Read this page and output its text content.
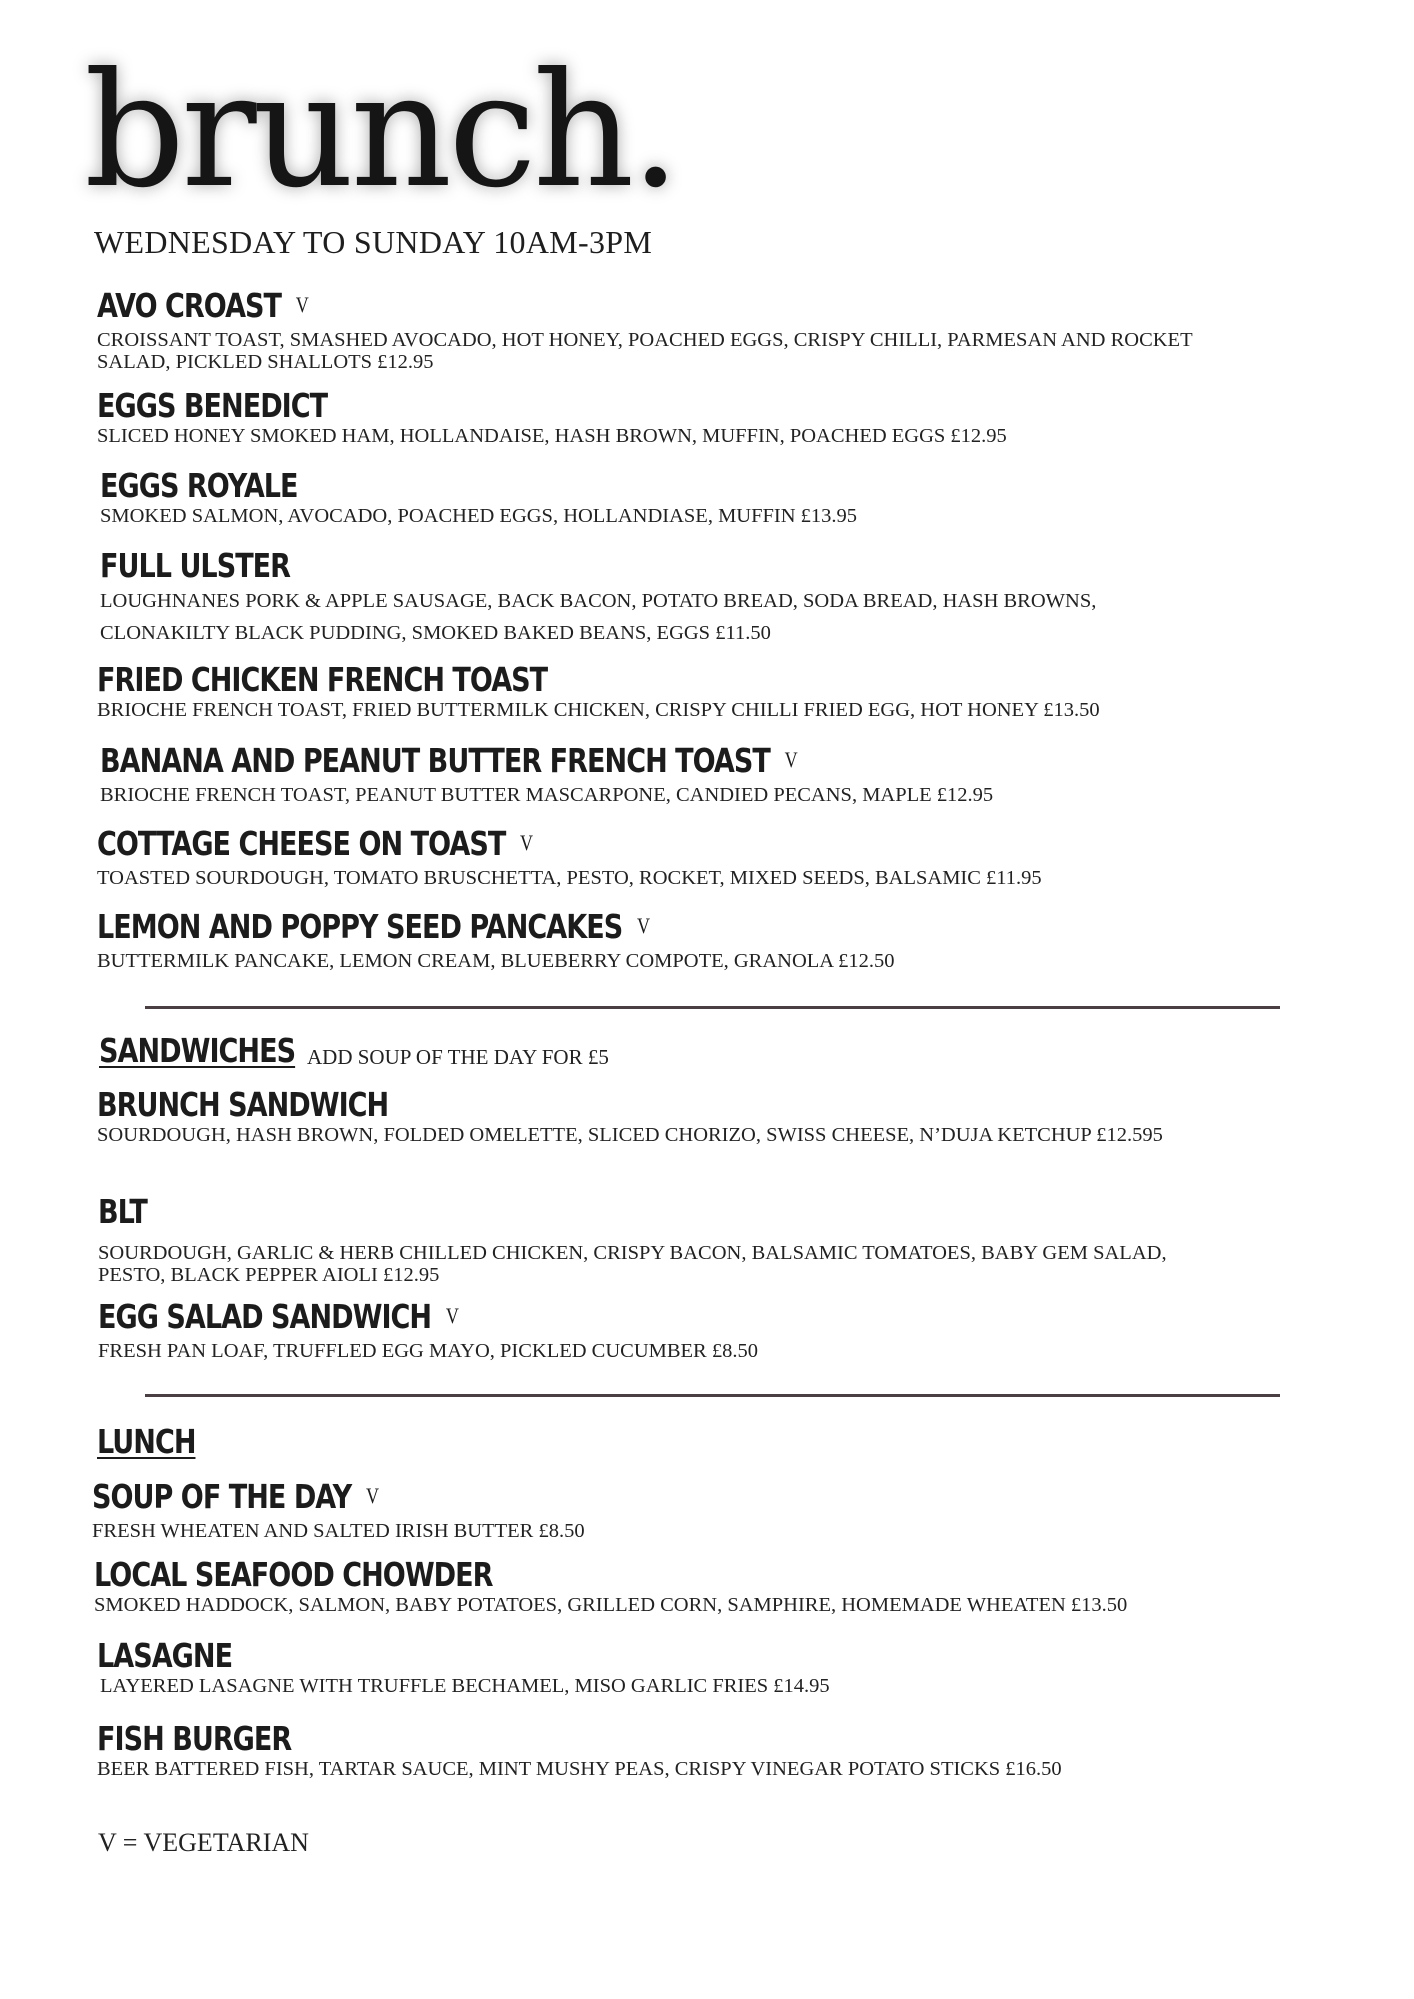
brunch.
WEDNESDAY TO SUNDAY 10AM-3PM
AVO CROAST V
CROISSANT TOAST, SMASHED AVOCADO, HOT HONEY, POACHED EGGS, CRISPY CHILLI, PARMESAN AND ROCKET SALAD, PICKLED SHALLOTS £12.95
EGGS BENEDICT
SLICED HONEY SMOKED HAM, HOLLANDAISE, HASH BROWN, MUFFIN, POACHED EGGS £12.95
EGGS ROYALE
SMOKED SALMON, AVOCADO, POACHED EGGS, HOLLANDIASE, MUFFIN £13.95
FULL ULSTER
LOUGHNANES PORK & APPLE SAUSAGE, BACK BACON, POTATO BREAD, SODA BREAD, HASH BROWNS, CLONAKILTY BLACK PUDDING, SMOKED BAKED BEANS, EGGS £11.50
FRIED CHICKEN FRENCH TOAST
BRIOCHE FRENCH TOAST, FRIED BUTTERMILK CHICKEN, CRISPY CHILLI FRIED EGG, HOT HONEY £13.50
BANANA AND PEANUT BUTTER FRENCH TOAST V
BRIOCHE FRENCH TOAST, PEANUT BUTTER MASCARPONE, CANDIED PECANS, MAPLE £12.95
COTTAGE CHEESE ON TOAST V
TOASTED SOURDOUGH, TOMATO BRUSCHETTA, PESTO, ROCKET, MIXED SEEDS, BALSAMIC £11.95
LEMON AND POPPY SEED PANCAKES V
BUTTERMILK PANCAKE, LEMON CREAM, BLUEBERRY COMPOTE, GRANOLA £12.50
SANDWICHES ADD SOUP OF THE DAY FOR £5
BRUNCH SANDWICH
SOURDOUGH, HASH BROWN, FOLDED OMELETTE, SLICED CHORIZO, SWISS CHEESE, N’DUJA KETCHUP £12.595
BLT
SOURDOUGH, GARLIC & HERB CHILLED CHICKEN, CRISPY BACON, BALSAMIC TOMATOES, BABY GEM SALAD, PESTO, BLACK PEPPER AIOLI £12.95
EGG SALAD SANDWICH V
FRESH PAN LOAF, TRUFFLED EGG MAYO, PICKLED CUCUMBER £8.50
LUNCH
SOUP OF THE DAY V
FRESH WHEATEN AND SALTED IRISH BUTTER £8.50
LOCAL SEAFOOD CHOWDER
SMOKED HADDOCK, SALMON, BABY POTATOES, GRILLED CORN, SAMPHIRE, HOMEMADE WHEATEN £13.50
LASAGNE
LAYERED LASAGNE WITH TRUFFLE BECHAMEL, MISO GARLIC FRIES £14.95
FISH BURGER
BEER BATTERED FISH, TARTAR SAUCE, MINT MUSHY PEAS, CRISPY VINEGAR POTATO STICKS £16.50
V = VEGETARIAN
